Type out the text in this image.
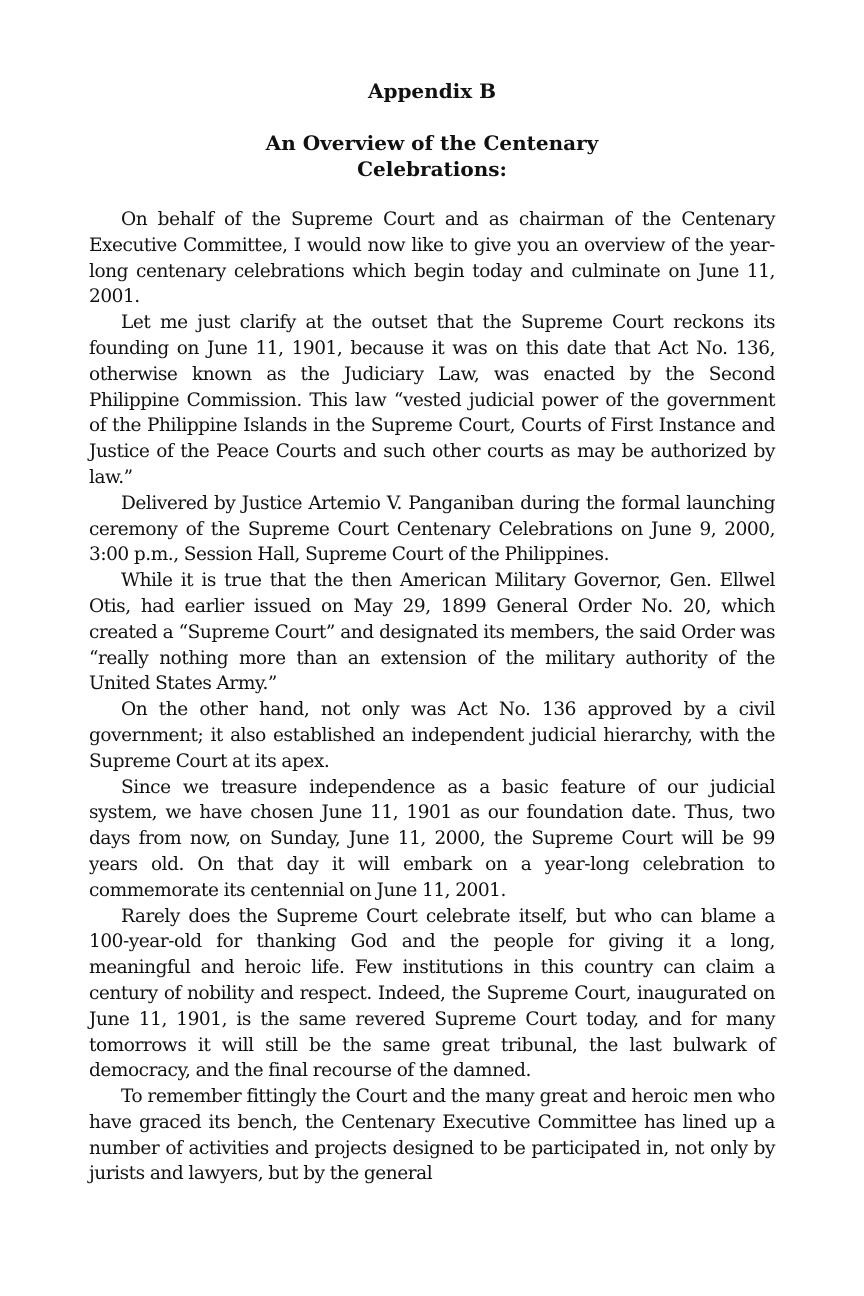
Appendix B
An Overview of the Centenary
Celebrations:

On behalf of the Supreme Court and as chairman of the Centenary Executive Committee, I would now like to give you an overview of the year-long centenary celebrations which begin today and culminate on June 11, 2001.

Let me just clarify at the outset that the Supreme Court reckons its founding on June 11, 1901, because it was on this date that Act No. 136, otherwise known as the Judiciary Law, was enacted by the Second Philippine Commission. This law “vested judicial power of the government of the Philippine Islands in the Supreme Court, Courts of First Instance and Justice of the Peace Courts and such other courts as may be authorized by law.”

Delivered by Justice Artemio V. Panganiban during the formal launching ceremony of the Supreme Court Centenary Celebrations on June 9, 2000, 3:00 p.m., Session Hall, Supreme Court of the Philippines.

While it is true that the then American Military Governor, Gen. Ellwel Otis, had earlier issued on May 29, 1899 General Order No. 20, which created a “Supreme Court” and designated its members, the said Order was “really nothing more than an extension of the military authority of the United States Army.”

On the other hand, not only was Act No. 136 approved by a civil government; it also established an independent judicial hierarchy, with the Supreme Court at its apex.

Since we treasure independence as a basic feature of our judicial system, we have chosen June 11, 1901 as our foundation date. Thus, two days from now, on Sunday, June 11, 2000, the Supreme Court will be 99 years old. On that day it will embark on a year-long celebration to commemorate its centennial on June 11, 2001.

Rarely does the Supreme Court celebrate itself, but who can blame a 100-year-old for thanking God and the people for giving it a long, meaningful and heroic life. Few institutions in this country can claim a century of nobility and respect. Indeed, the Supreme Court, inaugurated on June 11, 1901, is the same revered Supreme Court today, and for many tomorrows it will still be the same great tribunal, the last bulwark of democracy, and the final recourse of the damned.

To remember fittingly the Court and the many great and heroic men who have graced its bench, the Centenary Executive Committee has lined up a number of activities and projects designed to be participated in, not only by jurists and lawyers, but by the general
